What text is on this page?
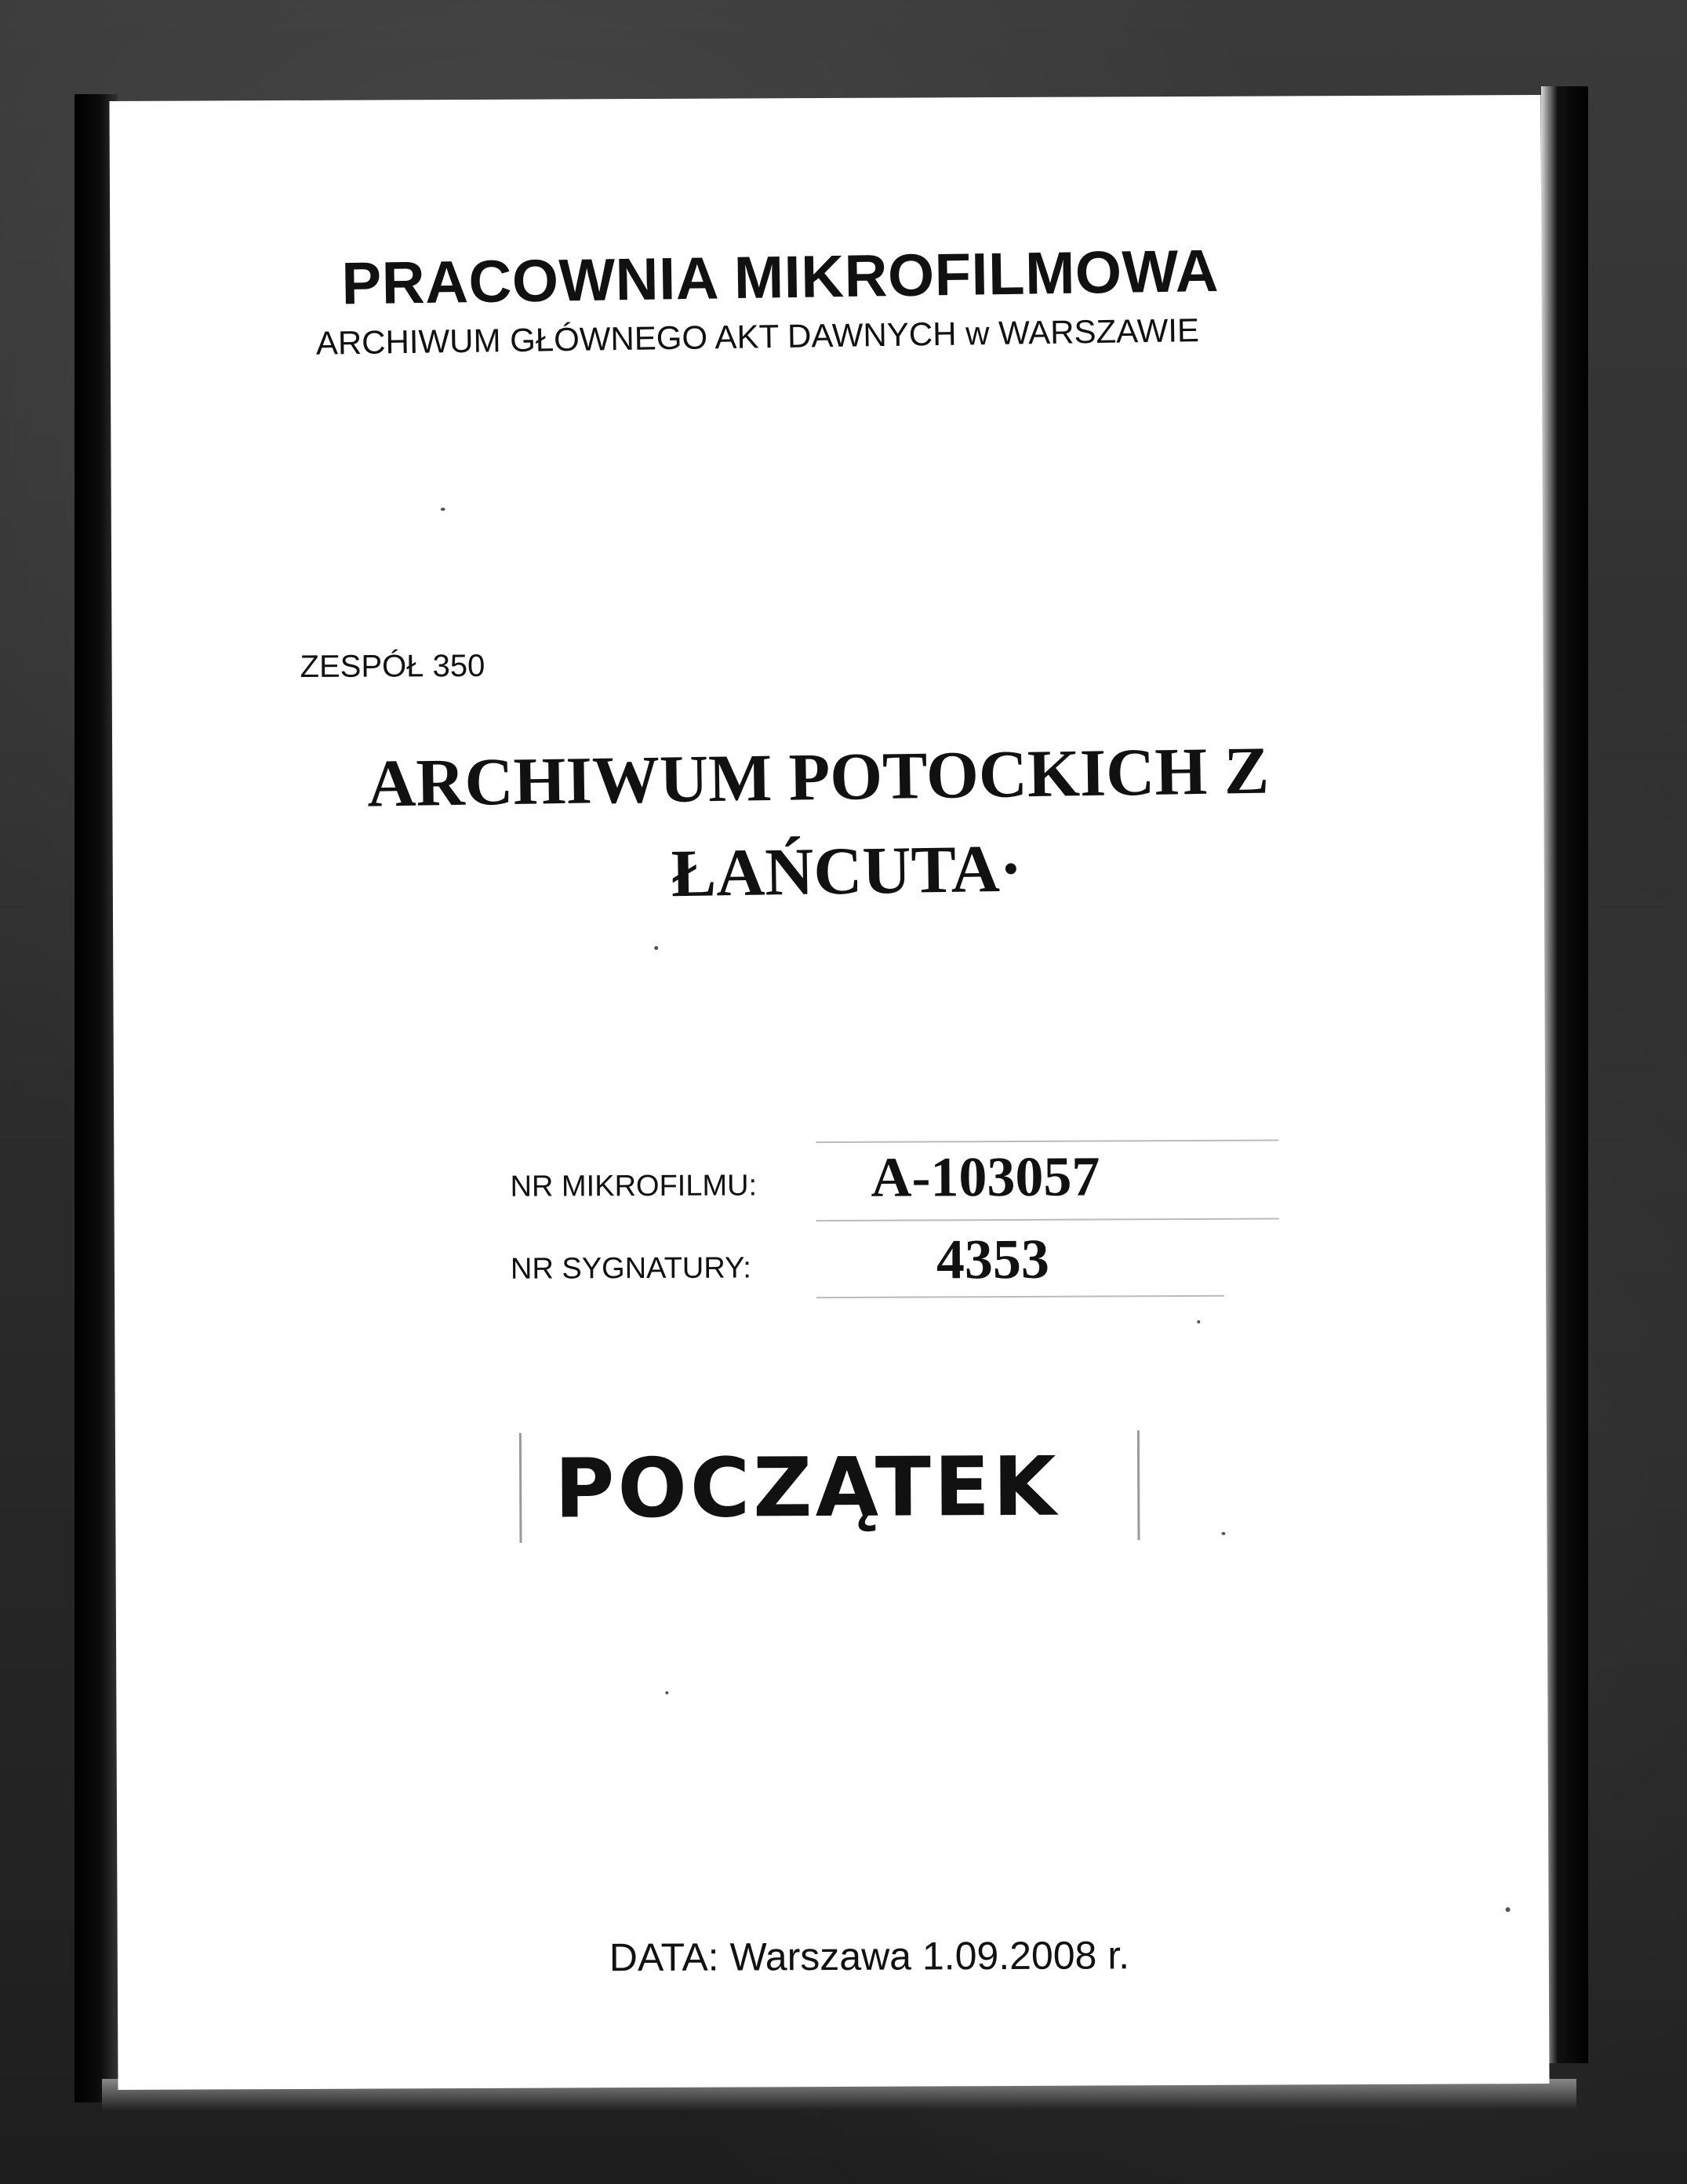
PRACOWNIA MIKROFILMOWA
ARCHIWUM GŁÓWNEGO AKT DAWNYCH w WARSZAWIE
ZESPÓŁ 350
ARCHIWUM POTOCKICH Z
ŁAŃCUTA·
NR MIKROFILMU: A-103057
NR SYGNATURY:	4353
POCZĄTEK
DATA: Warszawa 1.09.2008 r.
